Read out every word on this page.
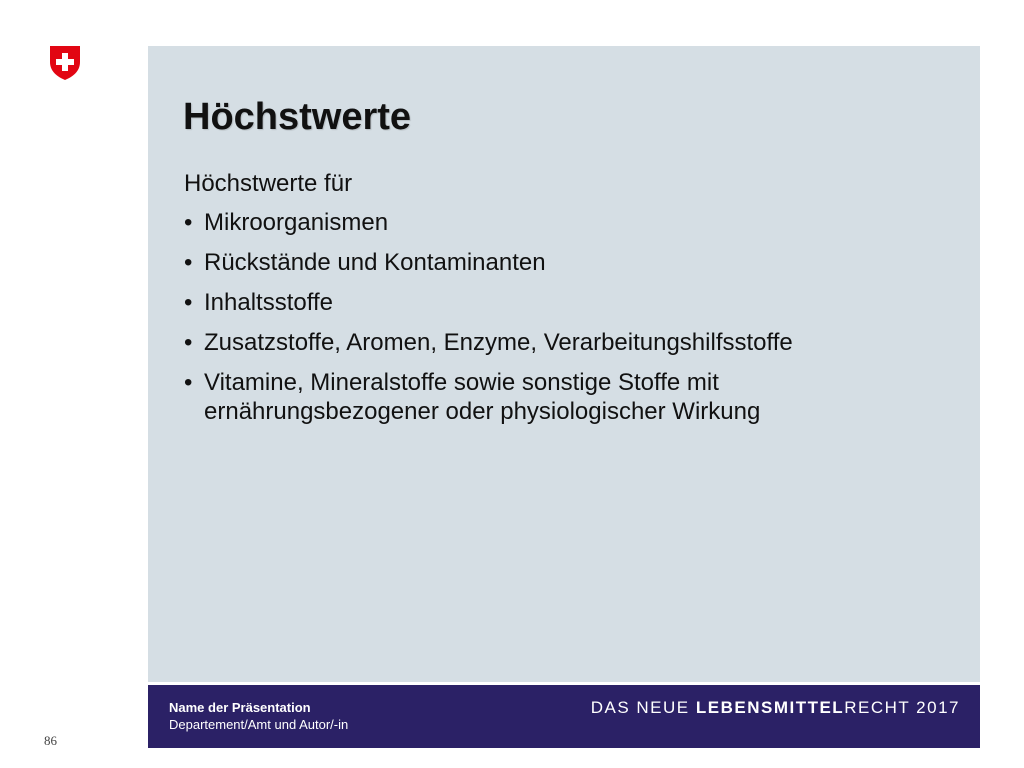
Höchstwerte
Höchstwerte für
• Mikroorganismen
• Rückstände und Kontaminanten
• Inhaltsstoffe
• Zusatzstoffe, Aromen, Enzyme, Verarbeitungshilfsstoffe
• Vitamine, Mineralstoffe sowie sonstige Stoffe mit ernährungsbezogener oder physiologischer Wirkung
Name der Präsentation
Departement/Amt und Autor/-in
DAS NEUE LEBENSMITTELRECHT 2017
86
